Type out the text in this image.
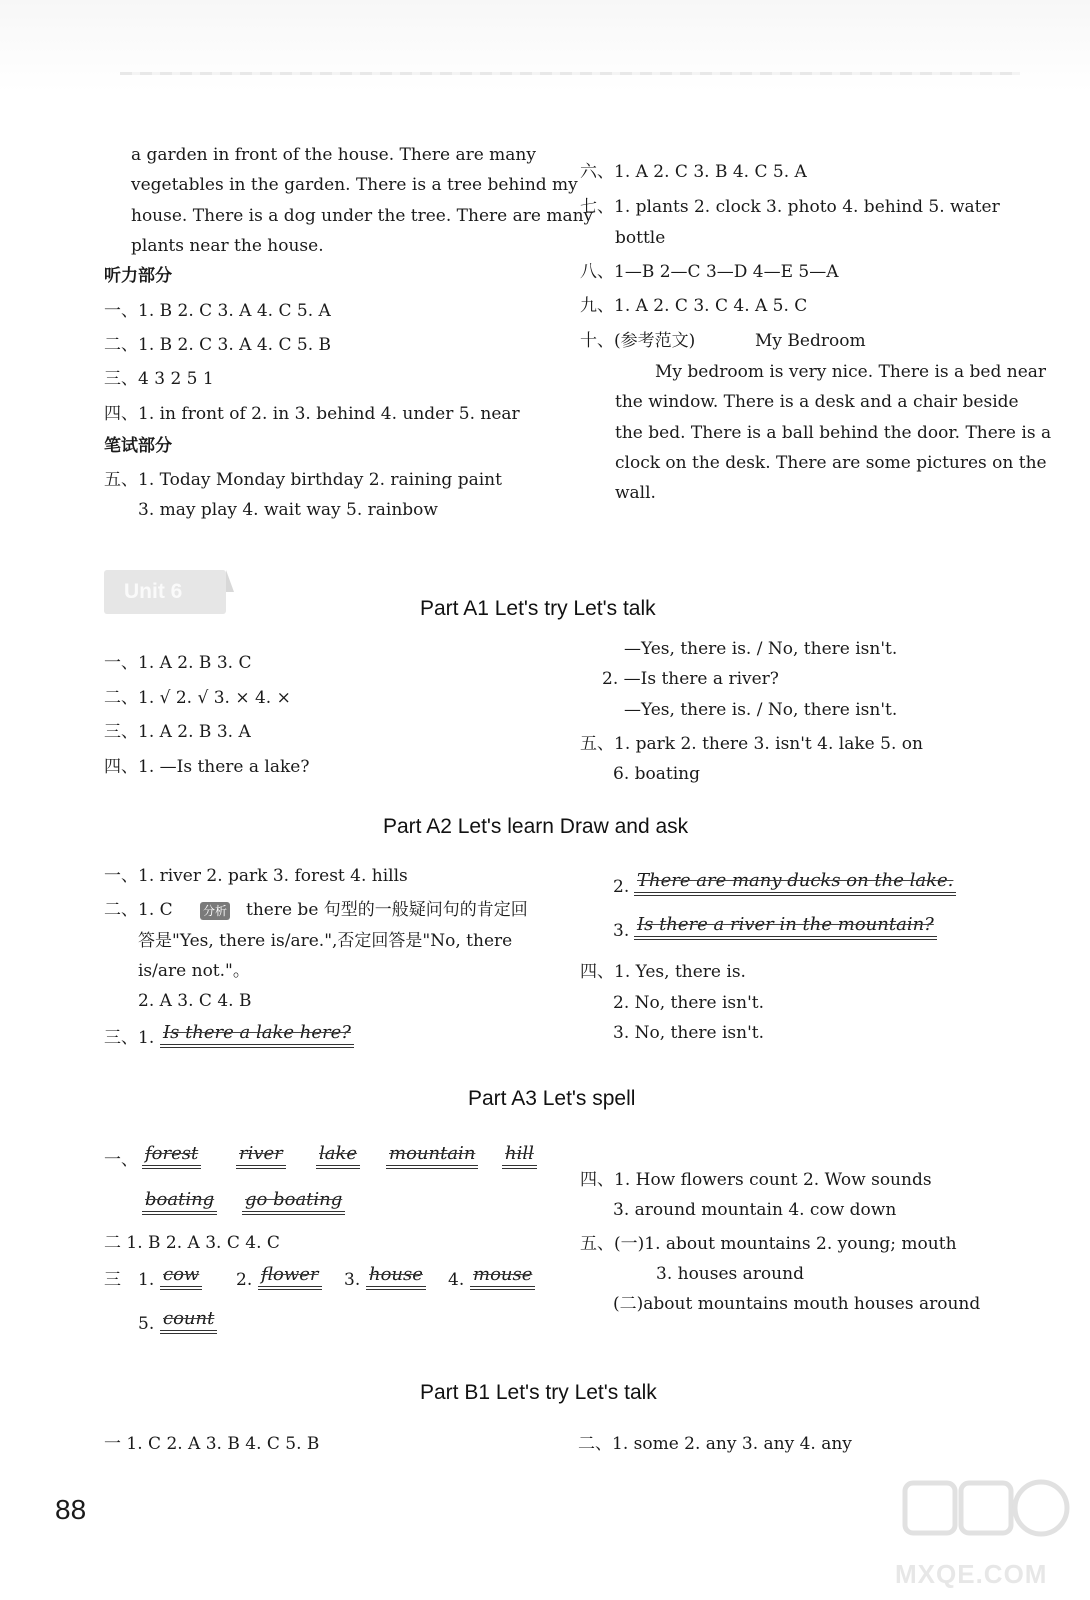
a garden in front of the house. There are many
vegetables in the garden. There is a tree behind my
house. There is a dog under the tree. There are many
plants near the house.
听力部分
一、1. B 2. C 3. A 4. C 5. A
二、1. B 2. C 3. A 4. C 5. B
三、4 3 2 5 1
四、1. in front of 2. in 3. behind 4. under 5. near
笔试部分
五、1. Today Monday birthday 2. raining paint
3. may play 4. wait way 5. rainbow
六、1. A 2. C 3. B 4. C 5. A
七、1. plants 2. clock 3. photo 4. behind 5. water
bottle
八、1—B 2—C 3—D 4—E 5—A
九、1. A 2. C 3. C 4. A 5. C
十、(参考范文)	My Bedroom
My bedroom is very nice. There is a bed near
the window. There is a desk and a chair beside
the bed. There is a ball behind the door. There is a
clock on the desk. There are some pictures on the
wall.
Unit 6
Part A1 Let's try Let's talk
一、1. A 2. B 3. C
二、1. √ 2. √ 3. × 4. ×
三、1. A 2. B 3. A
四、1. —Is there a lake?
—Yes, there is. / No, there isn't.
2. —Is there a river?
—Yes, there is. / No, there isn't.
五、1. park 2. there 3. isn't 4. lake 5. on
6. boating
Part A2 Let's learn Draw and ask
一、1. river 2. park 3. forest 4. hills
二、1. C	分析 there be 句型的一般疑问句的肯定回
答是"Yes, there is/are.",否定回答是"No, there
is/are not."。
2. A 3. C 4. B
三、1. Is there a lake here?
2. There are many ducks on the lake.
3. Is there a river in the mountain?
四、1. Yes, there is.
2. No, there isn't.
3. No, there isn't.
Part A3 Let's spell
一、 forest river lake mountain hill
boating go boating
二 1. B 2. A 3. C 4. C
三 1. cow 2. flower 3. house 4. mouse
5. count
四、1. How flowers count 2. Wow sounds
3. around mountain 4. cow down
五、(一)1. about mountains 2. young; mouth
3. houses around
(二)about mountains mouth houses around
Part B1 Let's try Let's talk
一 1. C 2. A 3. B 4. C 5. B	二、1. some 2. any 3. any 4. any
88
MXQE.COM
